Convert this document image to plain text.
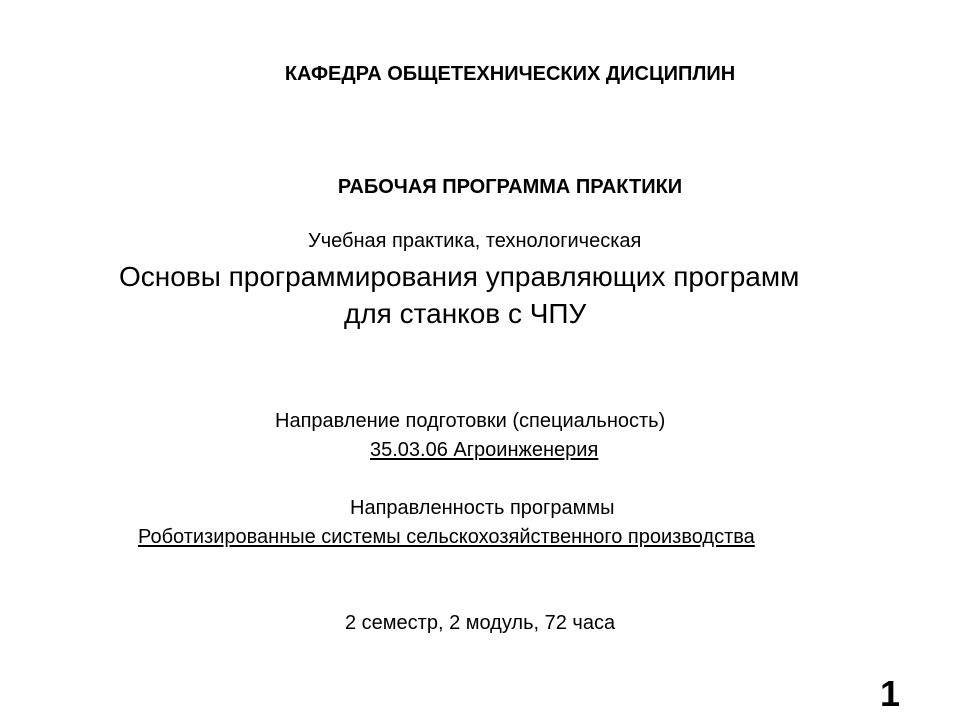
КАФЕДРА ОБЩЕТЕХНИЧЕСКИХ ДИСЦИПЛИН
РАБОЧАЯ ПРОГРАММА ПРАКТИКИ
Учебная практика, технологическая
Основы программирования управляющих программ
для станков с ЧПУ
Направление подготовки (специальность)
35.03.06 Агроинженерия
Направленность программы
Роботизированные системы сельскохозяйственного производства
2 семестр, 2 модуль, 72 часа
1
